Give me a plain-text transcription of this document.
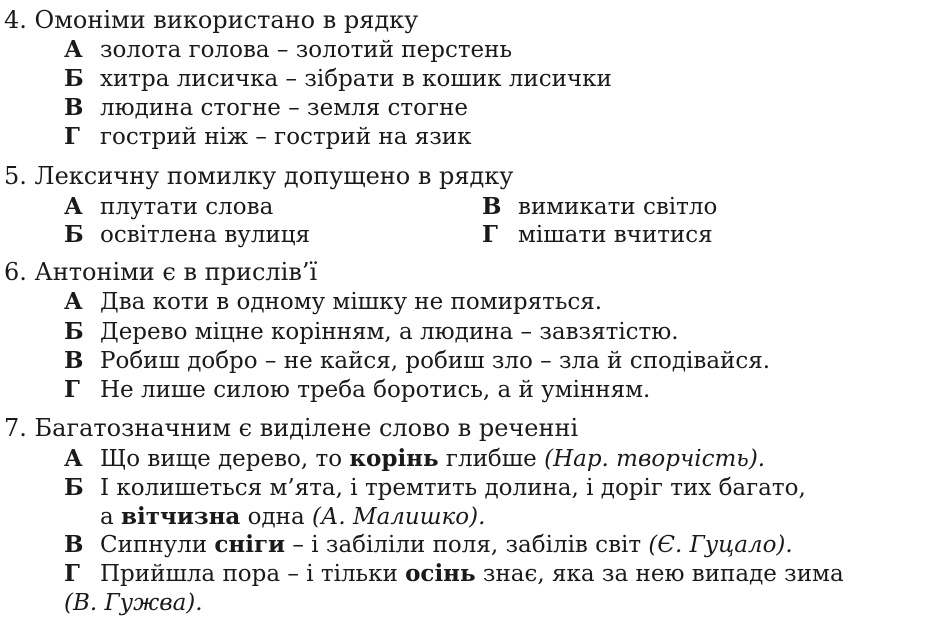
4. Омоніми використано в рядку
А золота голова – золотий перстень
Б хитра лисичка – зібрати в кошик лисички
В людина стогне – земля стогне
Г гострий ніж – гострий на язик
5. Лексичну помилку допущено в рядку
А плутати слова	В вимикати світло
Б освітлена вулиця	Г мішати вчитися
6. Антоніми є в прислів’ї
А Два коти в одному мішку не помиряться.
Б Дерево міцне корінням, а людина – завзятістю.
В Робиш добро – не кайся, робиш зло – зла й сподівайся.
Г Не лише силою треба боротись, а й умінням.
7. Багатозначним є виділене слово в реченні
А Що вище дерево, то корінь глибше (Нар. творчість).
Б І колишеться м’ята, і тремтить долина, і доріг тих багато,
а вітчизна одна (А. Малишко).
В Сипнули сніги – і забіліли поля, забілів світ (Є. Гуцало).
Г Прийшла пора – і тільки осінь знає, яка за нею випаде зима
(В. Гужва).
